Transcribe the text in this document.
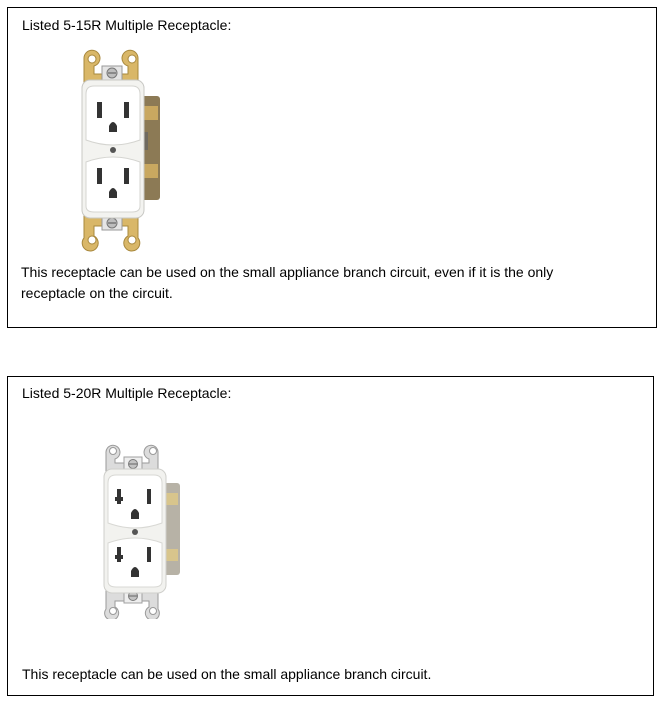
Listed 5-15R Multiple Receptacle:
This receptacle can be used on the small appliance branch circuit, even if it is the only receptacle on the circuit.
Listed 5-20R Multiple Receptacle:
This receptacle can be used on the small appliance branch circuit.
